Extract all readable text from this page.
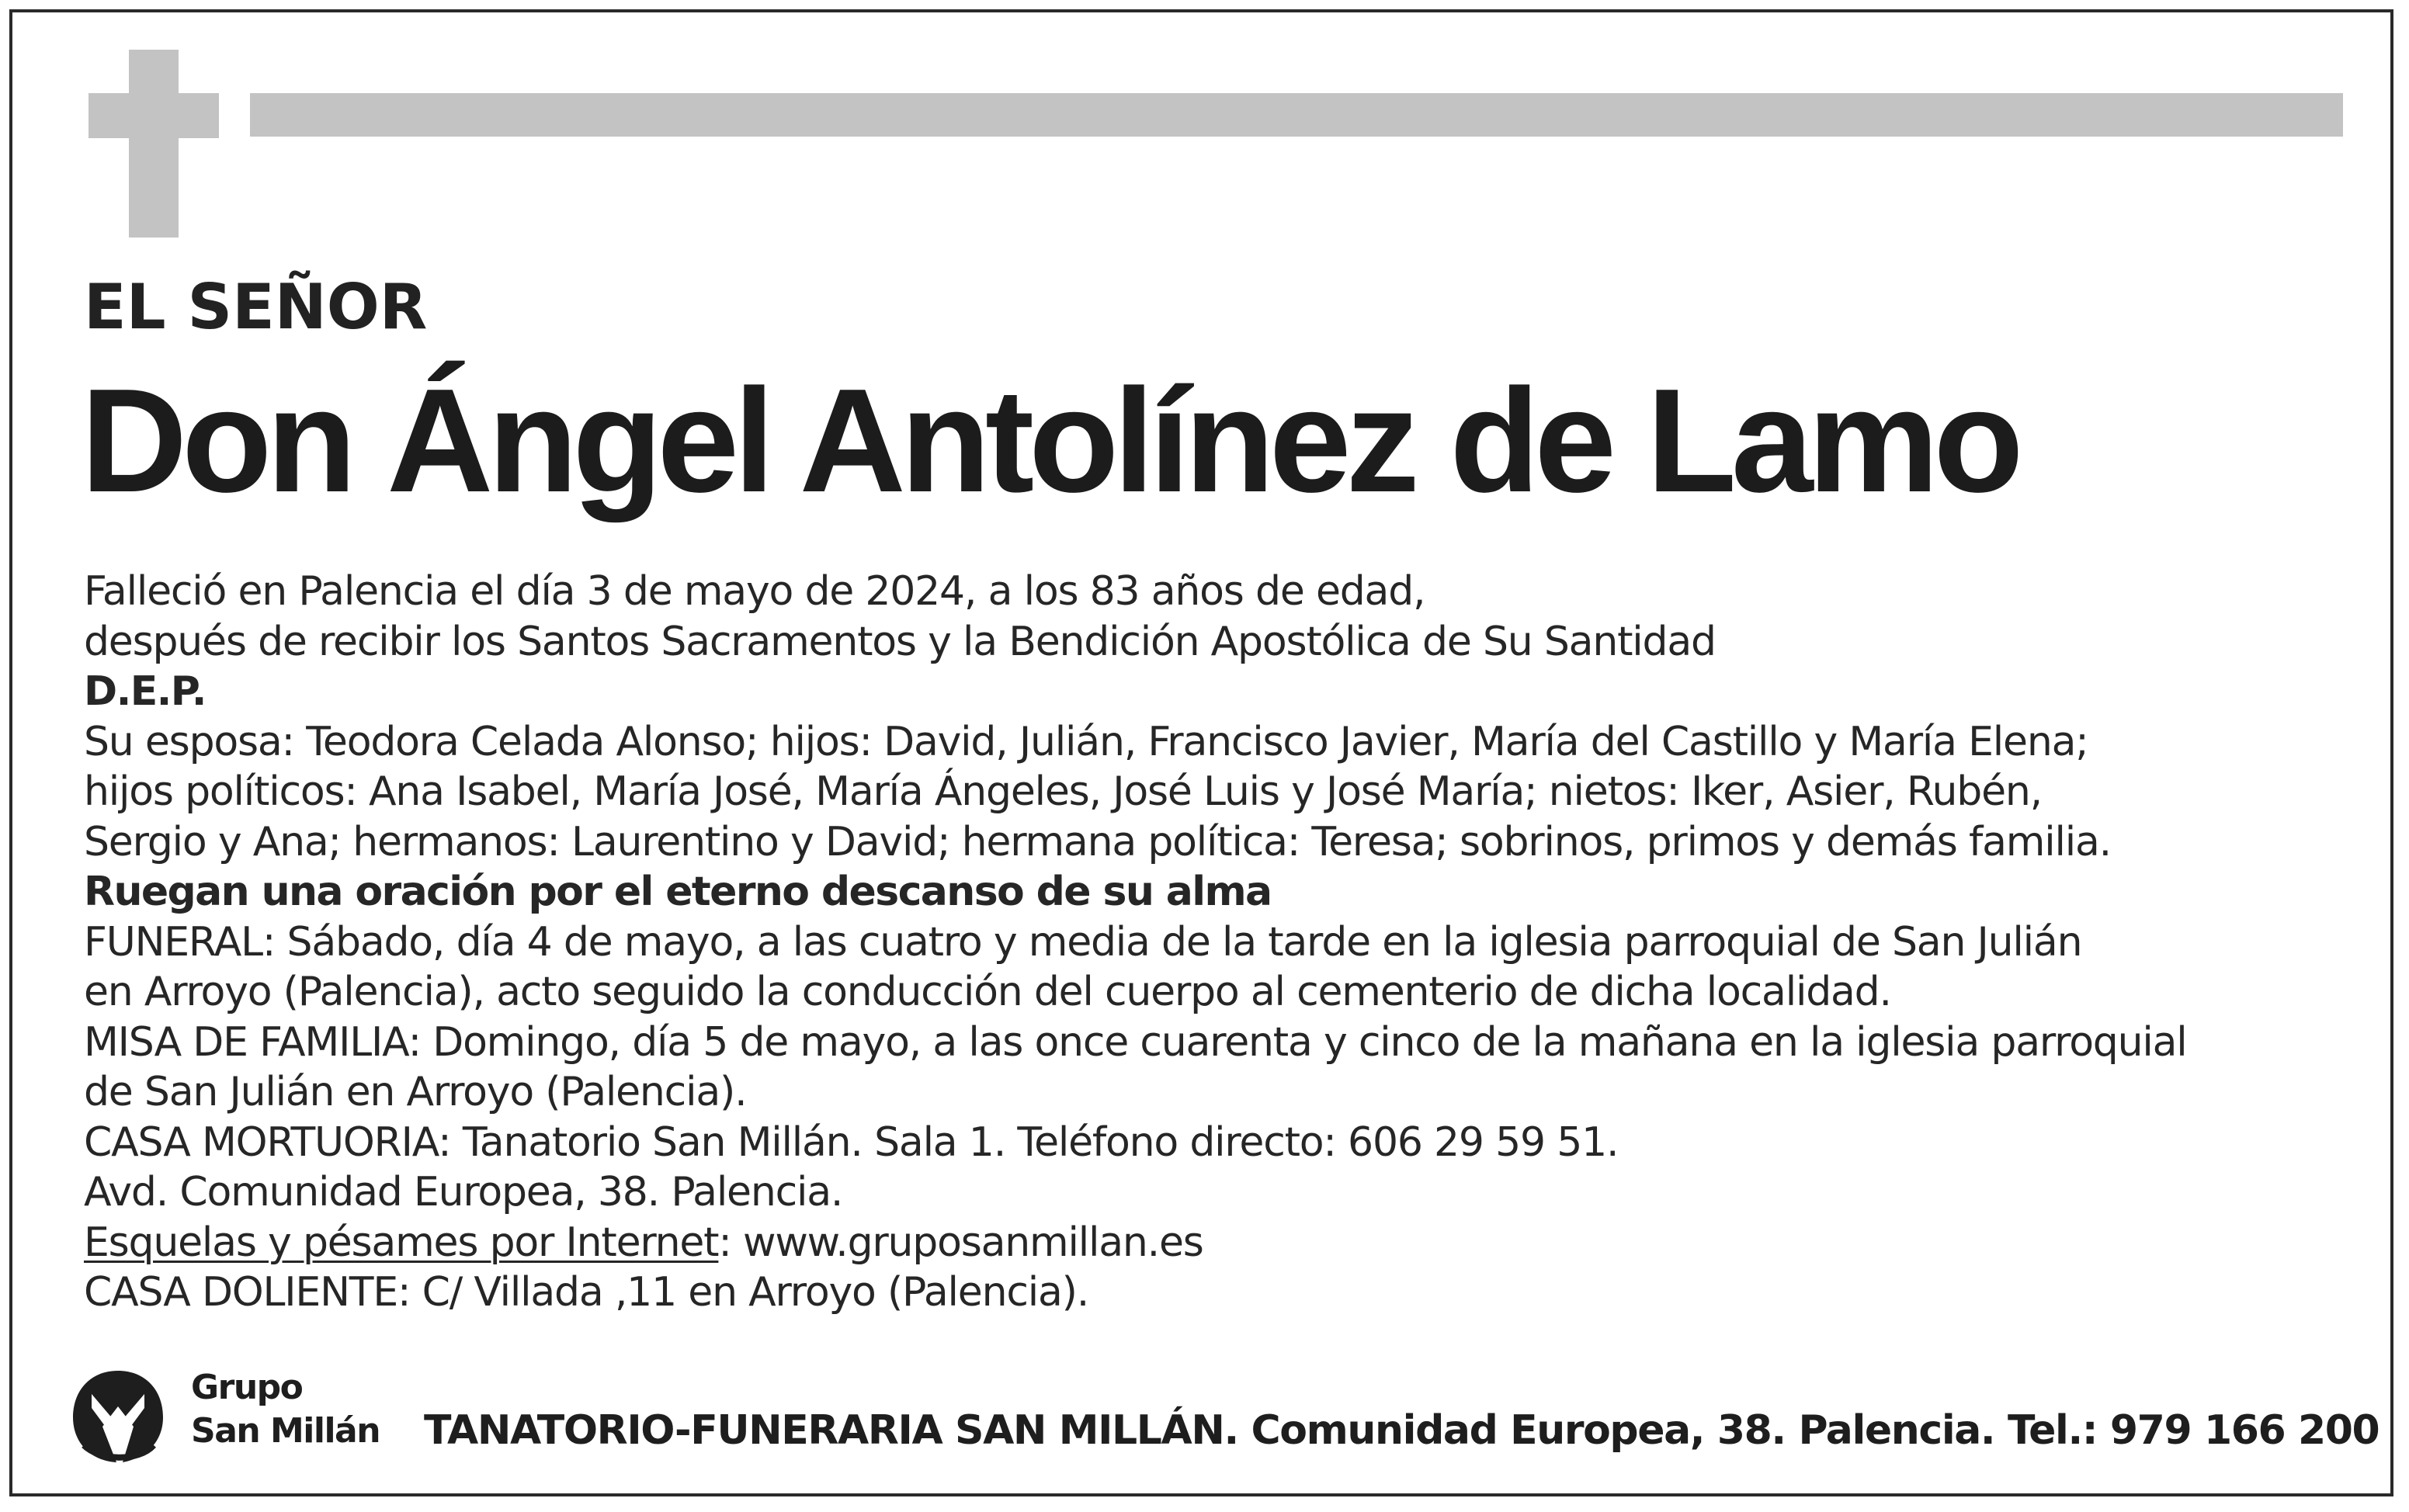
EL SEÑOR
Don Ángel Antolínez de Lamo
Falleció en Palencia el día 3 de mayo de 2024, a los 83 años de edad,
después de recibir los Santos Sacramentos y la Bendición Apostólica de Su Santidad
D.E.P.
Su esposa: Teodora Celada Alonso; hijos: David, Julián, Francisco Javier, María del Castillo y María Elena;
hijos políticos: Ana Isabel, María José, María Ángeles, José Luis y José María; nietos: Iker, Asier, Rubén,
Sergio y Ana; hermanos: Laurentino y David; hermana política: Teresa; sobrinos, primos y demás familia.
Ruegan una oración por el eterno descanso de su alma
FUNERAL: Sábado, día 4 de mayo, a las cuatro y media de la tarde en la iglesia parroquial de San Julián
en Arroyo (Palencia), acto seguido la conducción del cuerpo al cementerio de dicha localidad.
MISA DE FAMILIA: Domingo, día 5 de mayo, a las once cuarenta y cinco de la mañana en la iglesia parroquial
de San Julián en Arroyo (Palencia).
CASA MORTUORIA: Tanatorio San Millán. Sala 1. Teléfono directo: 606 29 59 51.
Avd. Comunidad Europea, 38. Palencia.
Esquelas y pésames por Internet: www.gruposanmillan.es
CASA DOLIENTE: C/ Villada ,11 en Arroyo (Palencia).
Grupo
San Millán TANATORIO-FUNERARIA SAN MILLÁN. Comunidad Europea, 38. Palencia. Tel.: 979 166 200
